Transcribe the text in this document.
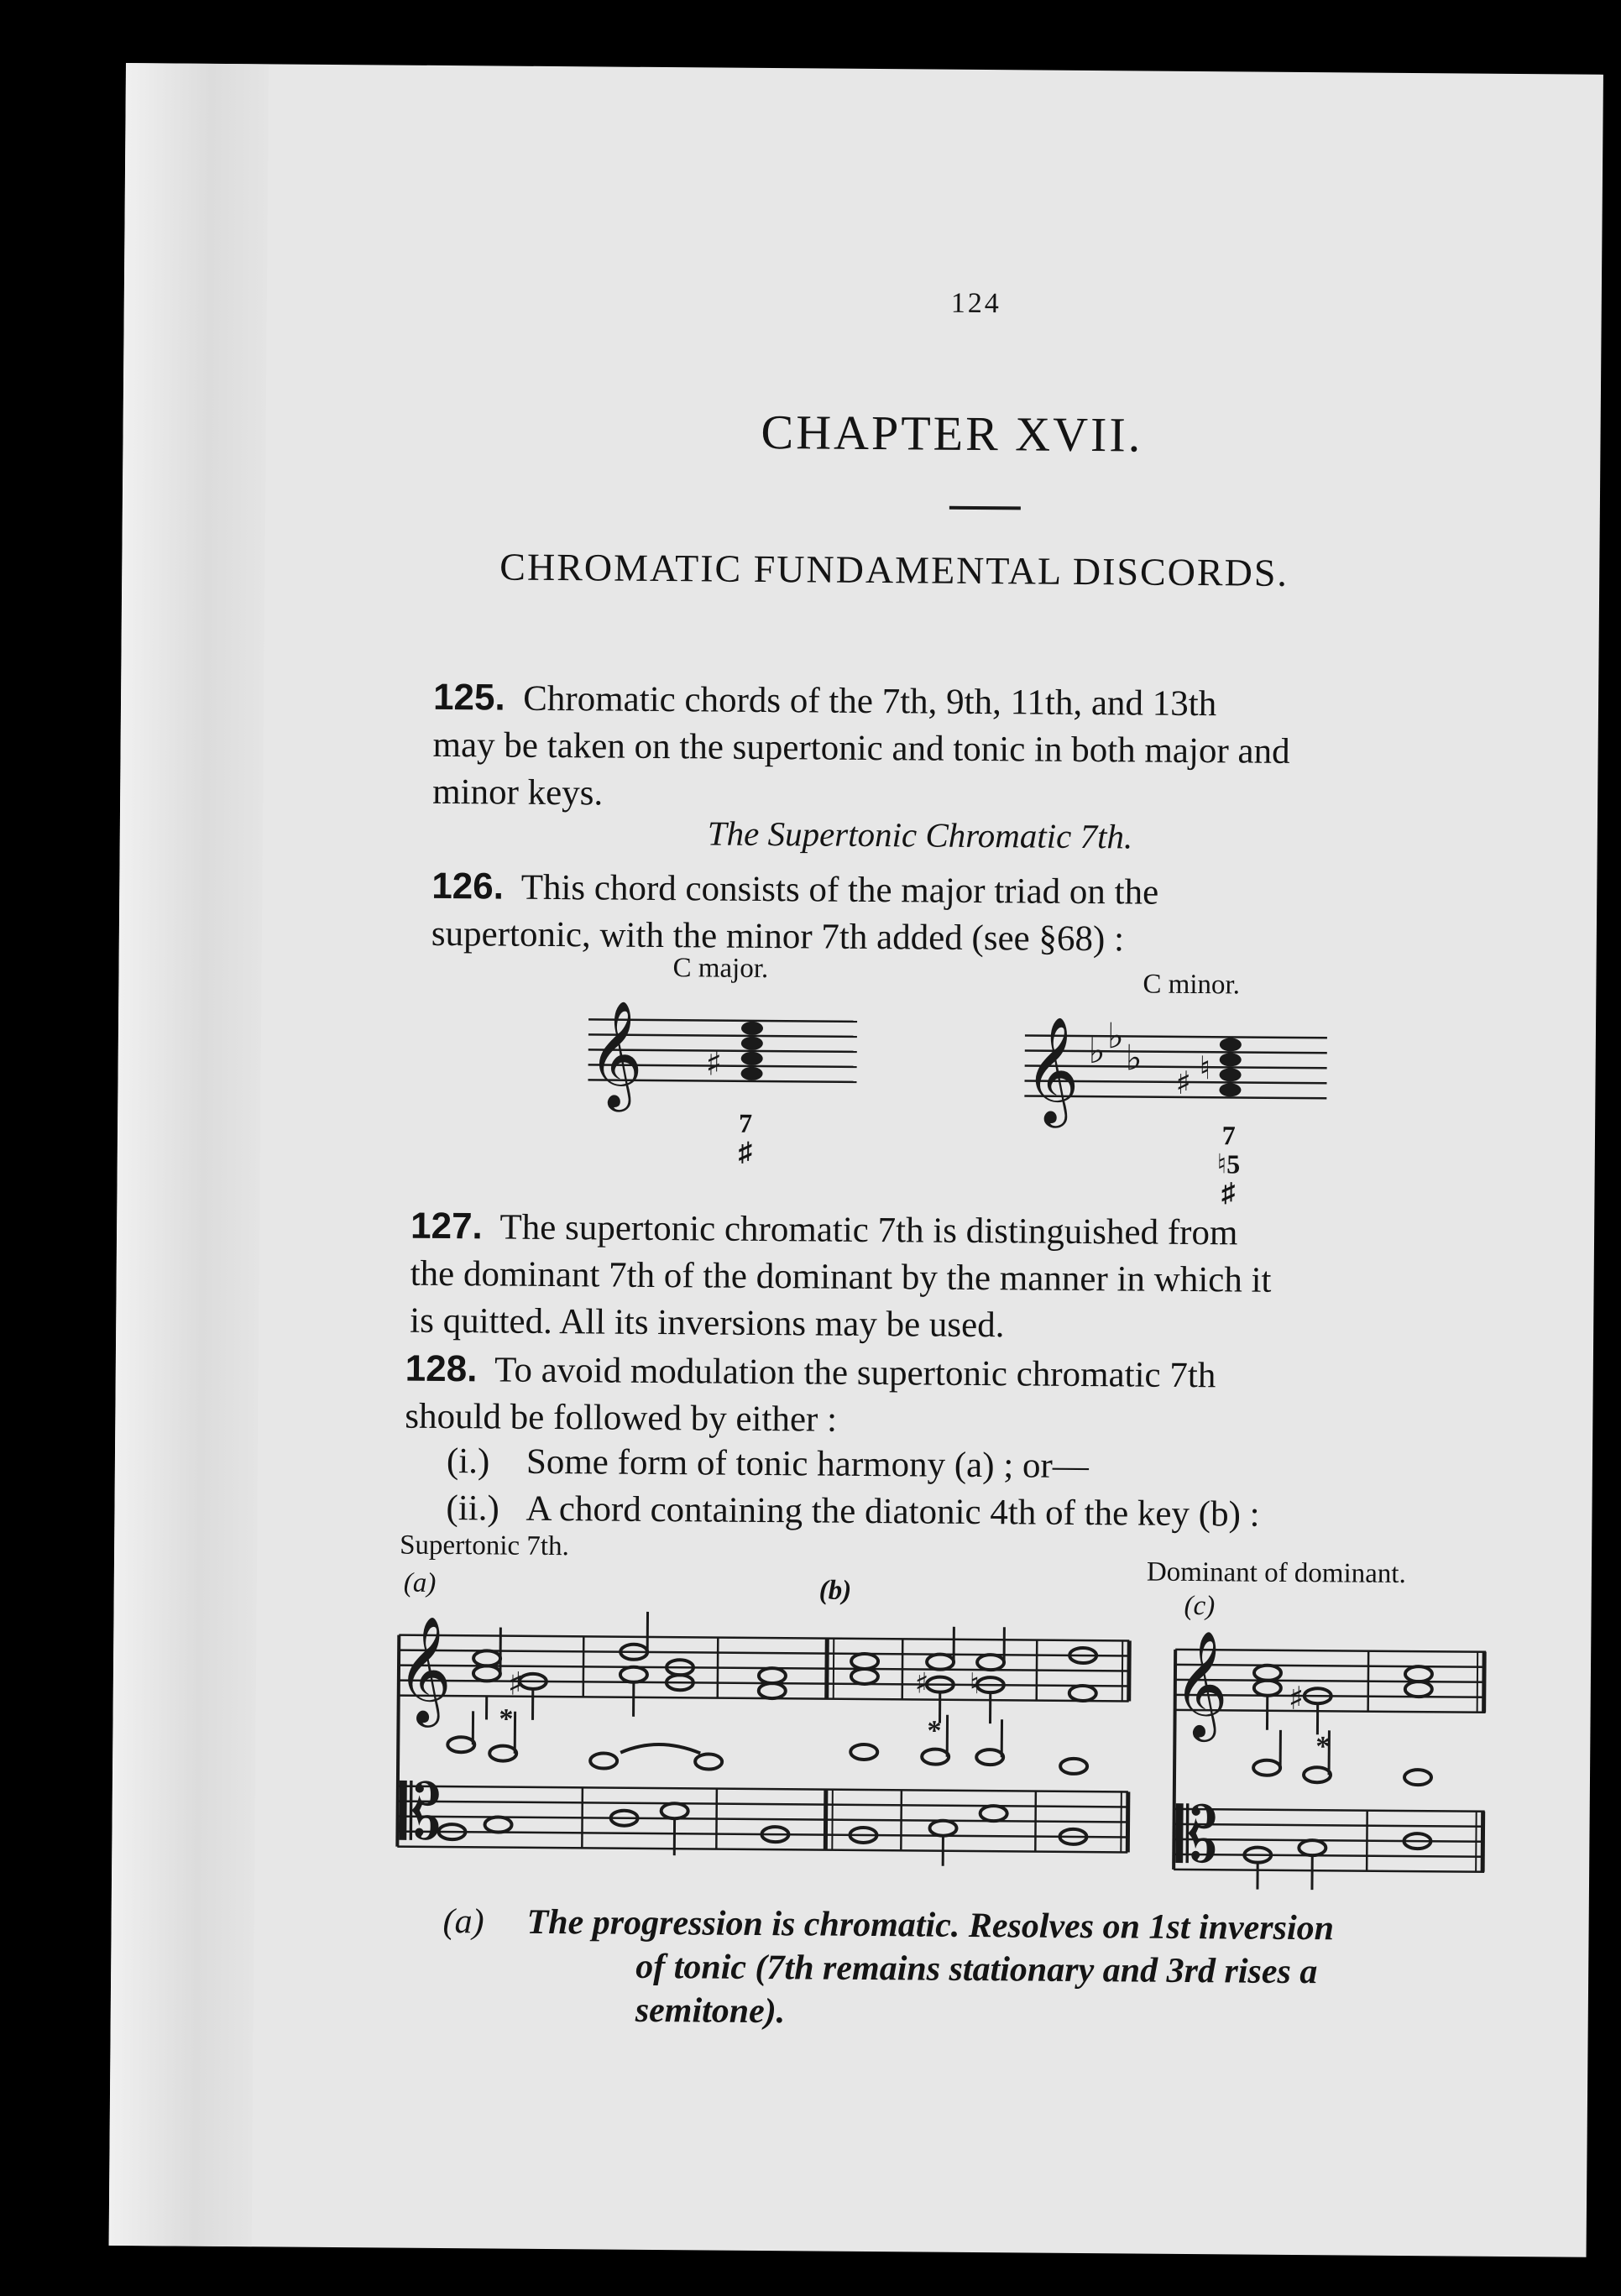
124

CHAPTER XVII.

CHROMATIC FUNDAMENTAL DISCORDS.

125. Chromatic chords of the 7th, 9th, 11th, and 13th
may be taken on the supertonic and tonic in both major and
minor keys.

The Supertonic Chromatic 7th.

126. This chord consists of the major triad on the
supertonic, with the minor 7th added (see §68) :

C major.

C minor.

𝄞 ♯
7
♯
𝄞 ♭ ♭
♭
♯ ♮
7
♮5
♯
127. The supertonic chromatic 7th is distinguished from
the dominant 7th of the dominant by the manner in which it
is quitted. All its inversions may be used.
128. To avoid modulation the supertonic chromatic 7th
should be followed by either :
(i.) Some form of tonic harmony (a) ; or—
(ii.) A chord containing the diatonic 4th of the key (b) :

Supertonic 7th.

(a)	(b)

Dominant of dominant.

(c)

𝄞
𝄡
♯	♯ ♮
*	*	𝄞
𝄡
♯
*
(a) The progression is chromatic. Resolves on 1st inversion
of tonic (7th remains stationary and 3rd rises a
semitone).
